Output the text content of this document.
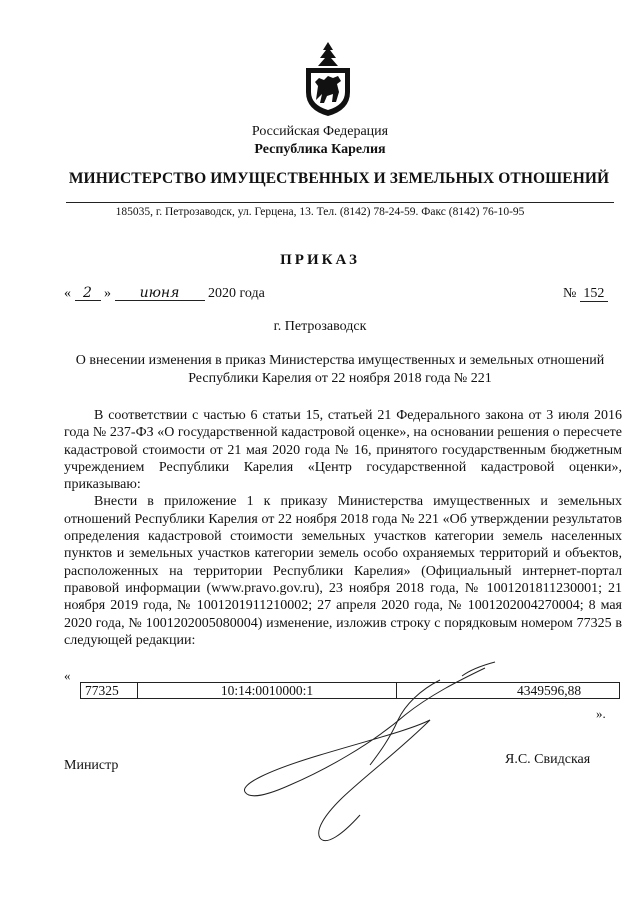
Российская Федерация
Республика Карелия
МИНИСТЕРСТВО ИМУЩЕСТВЕННЫХ И ЗЕМЕЛЬНЫХ ОТНОШЕНИЙ
185035, г. Петрозаводск, ул. Герцена, 13. Тел. (8142) 78-24-59. Факс (8142) 76-10-95
ПРИКАЗ
« 2 » июня 2020 года	№ 152
г. Петрозаводск
О внесении изменения в приказ Министерства имущественных и земельных отношений Республики Карелия от 22 ноября 2018 года № 221

В соответствии с частью 6 статьи 15, статьей 21 Федерального закона от 3 июля 2016 года № 237-ФЗ «О государственной кадастровой оценке», на основании решения о пересчете кадастровой стоимости от 21 мая 2020 года № 16, принятого государственным бюджетным учреждением Республики Карелия «Центр государственной кадастровой оценки», приказываю:

Внести в приложение 1 к приказу Министерства имущественных и земельных отношений Республики Карелия от 22 ноября 2018 года № 221 «Об утверждении результатов определения кадастровой стоимости земельных участков категории земель населенных пунктов и земельных участков категории земель особо охраняемых территорий и объектов, расположенных на территории Республики Карелия» (Официальный интернет-портал правовой информации (www.pravo.gov.ru), 23 ноября 2018 года, № 1001201811230001; 21 ноября 2019 года, № 1001201911210002; 27 апреля 2020 года, № 1001202004270004; 8 мая 2020 года, № 1001202005080004) изменение, изложив строку с порядковым номером 77325 в следующей редакции:

«
77325	10:14:0010000:1	4349596,88
».
Министр	Я.С. Свидская
